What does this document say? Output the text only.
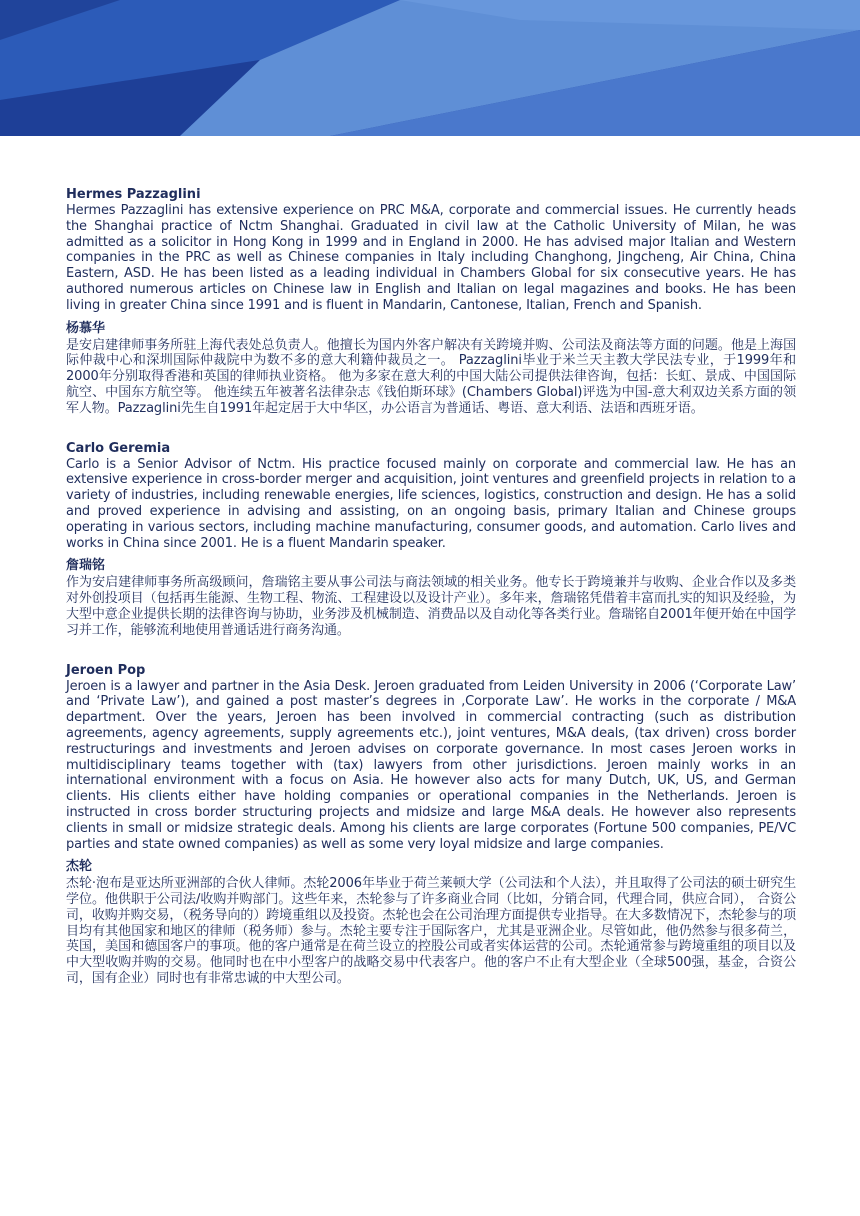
Hermes Pazzaglini

Hermes Pazzaglini has extensive experience on PRC M&A, corporate and commercial issues. He currently heads the Shanghai practice of Nctm Shanghai. Graduated in civil law at the Catholic University of Milan, he was admitted as a solicitor in Hong Kong in 1999 and in England in 2000. He has advised major Italian and Western companies in the PRC as well as Chinese companies in Italy including Changhong, Jingcheng, Air China, China Eastern, ASD. He has been listed as a leading individual in Chambers Global for six consecutive years. He has authored numerous articles on Chinese law in English and Italian on legal magazines and books. He has been living in greater China since 1991 and is fluent in Mandarin, Cantonese, Italian, French and Spanish.

杨慕华

是安启建律师事务所驻上海代表处总负责人。他擅长为国内外客户解决有关跨境并购、公司法及商法等方面的问题。他是上海国际仲裁中心和深圳国际仲裁院中为数不多的意大利籍仲裁员之一。 Pazzaglini毕业于米兰天主教大学民法专业，于1999年和2000年分别取得香港和英国的律师执业资格。 他为多家在意大利的中国大陆公司提供法律咨询，包括：长虹、景成、中国国际航空、中国东方航空等。 他连续五年被著名法律杂志《钱伯斯环球》(Chambers Global)评选为中国-意大利双边关系方面的领军人物。Pazzaglini先生自1991年起定居于大中华区，办公语言为普通话、粤语、意大利语、法语和西班牙语。

Carlo Geremia

Carlo is a Senior Advisor of Nctm. His practice focused mainly on corporate and commercial law. He has an extensive experience in cross-border merger and acquisition, joint ventures and greenfield projects in relation to a variety of industries, including renewable energies, life sciences, logistics, construction and design. He has a solid and proved experience in advising and assisting, on an ongoing basis, primary Italian and Chinese groups operating in various sectors, including machine manufacturing, consumer goods, and automation. Carlo lives and works in China since 2001. He is a fluent Mandarin speaker.

詹瑞铭

作为安启建律师事务所高级顾问，詹瑞铭主要从事公司法与商法领域的相关业务。他专长于跨境兼并与收购、企业合作以及多类对外创投项目（包括再生能源、生物工程、物流、工程建设以及设计产业）。多年来，詹瑞铭凭借着丰富而扎实的知识及经验，为大型中意企业提供长期的法律咨询与协助，业务涉及机械制造、消费品以及自动化等各类行业。詹瑞铭自2001年便开始在中国学习并工作，能够流利地使用普通话进行商务沟通。

Jeroen Pop

Jeroen is a lawyer and partner in the Asia Desk. Jeroen graduated from Leiden University in 2006 (‘Corporate Law’ and ‘Private Law’), and gained a post master’s degrees in ‚Corporate Law’. He works in the corporate / M&A department. Over the years, Jeroen has been involved in commercial contracting (such as distribution agreements, agency agreements, supply agreements etc.), joint ventures, M&A deals, (tax driven) cross border restructurings and investments and Jeroen advises on corporate governance. In most cases Jeroen works in multidisciplinary teams together with (tax) lawyers from other jurisdictions. Jeroen mainly works in an international environment with a focus on Asia. He however also acts for many Dutch, UK, US, and German clients. His clients either have holding companies or operational companies in the Netherlands. Jeroen is instructed in cross border structuring projects and midsize and large M&A deals. He however also represents clients in small or midsize strategic deals. Among his clients are large corporates (Fortune 500 companies, PE/VC parties and state owned companies) as well as some very loyal midsize and large companies.

杰轮

杰轮·泡布是亚达所亚洲部的合伙人律师。杰轮2006年毕业于荷兰莱顿大学（公司法和个人法），并且取得了公司法的硕士研究生学位。他供职于公司法/收购并购部门。这些年来，杰轮参与了许多商业合同（比如，分销合同，代理合同，供应合同）， 合资公司，收购并购交易，（税务导向的）跨境重组以及投资。杰轮也会在公司治理方面提供专业指导。在大多数情况下，杰轮参与的项目均有其他国家和地区的律师（税务师）参与。杰轮主要专注于国际客户，尤其是亚洲企业。尽管如此，他仍然参与很多荷兰，英国，美国和德国客户的事项。他的客户通常是在荷兰设立的控股公司或者实体运营的公司。杰轮通常参与跨境重组的项目以及中大型收购并购的交易。他同时也在中小型客户的战略交易中代表客户。他的客户不止有大型企业（全球500强，基金，合资公司，国有企业）同时也有非常忠诚的中大型公司。
